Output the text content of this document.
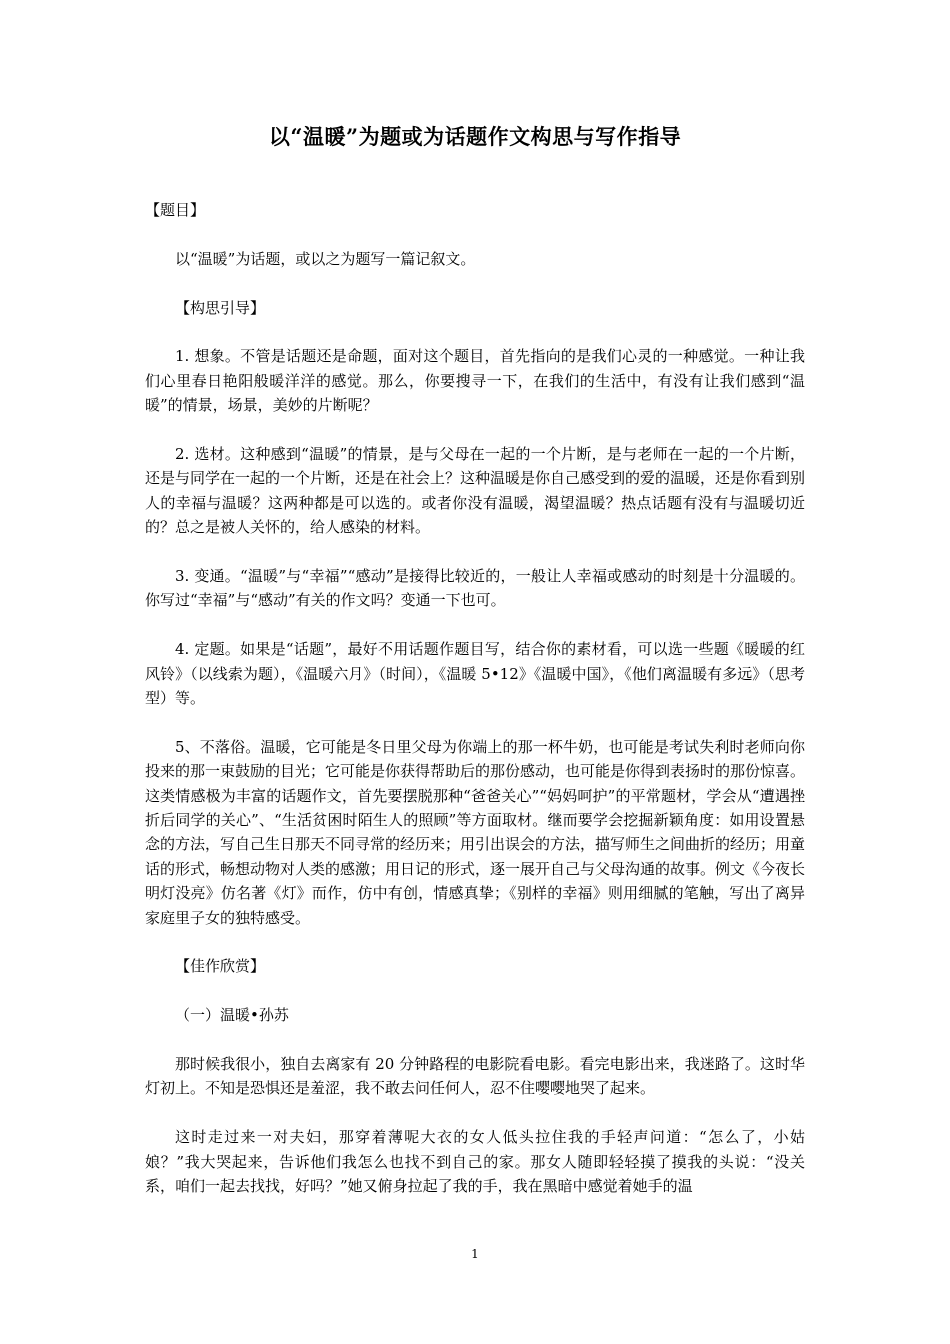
以“温暖”为题或为话题作文构思与写作指导

【题目】

以“温暖”为话题，或以之为题写一篇记叙文。

【构思引导】

1. 想象。不管是话题还是命题，面对这个题目，首先指向的是我们心灵的一种感觉。一种让我们心里春日艳阳般暖洋洋的感觉。那么，你要搜寻一下，在我们的生活中，有没有让我们感到“温暖”的情景，场景，美妙的片断呢？

2. 选材。这种感到“温暖”的情景，是与父母在一起的一个片断，是与老师在一起的一个片断，还是与同学在一起的一个片断，还是在社会上？这种温暖是你自己感受到的爱的温暖，还是你看到别人的幸福与温暖？这两种都是可以选的。或者你没有温暖，渴望温暖？热点话题有没有与温暖切近的？总之是被人关怀的，给人感染的材料。

3. 变通。“温暖”与“幸福”“感动”是接得比较近的，一般让人幸福或感动的时刻是十分温暖的。你写过“幸福”与“感动”有关的作文吗？变通一下也可。

4. 定题。如果是“话题”，最好不用话题作题目写，结合你的素材看，可以选一些题《暖暖的红风铃》（以线索为题），《温暖六月》（时间），《温暖 5•12》《温暖中国》，《他们离温暖有多远》（思考型）等。

5、不落俗。温暖，它可能是冬日里父母为你端上的那一杯牛奶，也可能是考试失利时老师向你投来的那一束鼓励的目光；它可能是你获得帮助后的那份感动，也可能是你得到表扬时的那份惊喜。这类情感极为丰富的话题作文，首先要摆脱那种“爸爸关心”“妈妈呵护”的平常题材，学会从“遭遇挫折后同学的关心”、“生活贫困时陌生人的照顾”等方面取材。继而要学会挖掘新颖角度：如用设置悬念的方法，写自己生日那天不同寻常的经历来；用引出误会的方法，描写师生之间曲折的经历；用童话的形式，畅想动物对人类的感激；用日记的形式，逐一展开自己与父母沟通的故事。例文《今夜长明灯没亮》仿名著《灯》而作，仿中有创，情感真挚；《别样的幸福》则用细腻的笔触，写出了离异家庭里子女的独特感受。

【佳作欣赏】

（一）温暖•孙苏

那时候我很小，独自去离家有 20 分钟路程的电影院看电影。看完电影出来，我迷路了。这时华灯初上。不知是恐惧还是羞涩，我不敢去问任何人，忍不住嘤嘤地哭了起来。

这时走过来一对夫妇，那穿着薄呢大衣的女人低头拉住我的手轻声问道：“怎么了，小姑娘？”我大哭起来，告诉他们我怎么也找不到自己的家。那女人随即轻轻摸了摸我的头说：“没关系，咱们一起去找找，好吗？”她又俯身拉起了我的手，我在黑暗中感觉着她手的温

1
